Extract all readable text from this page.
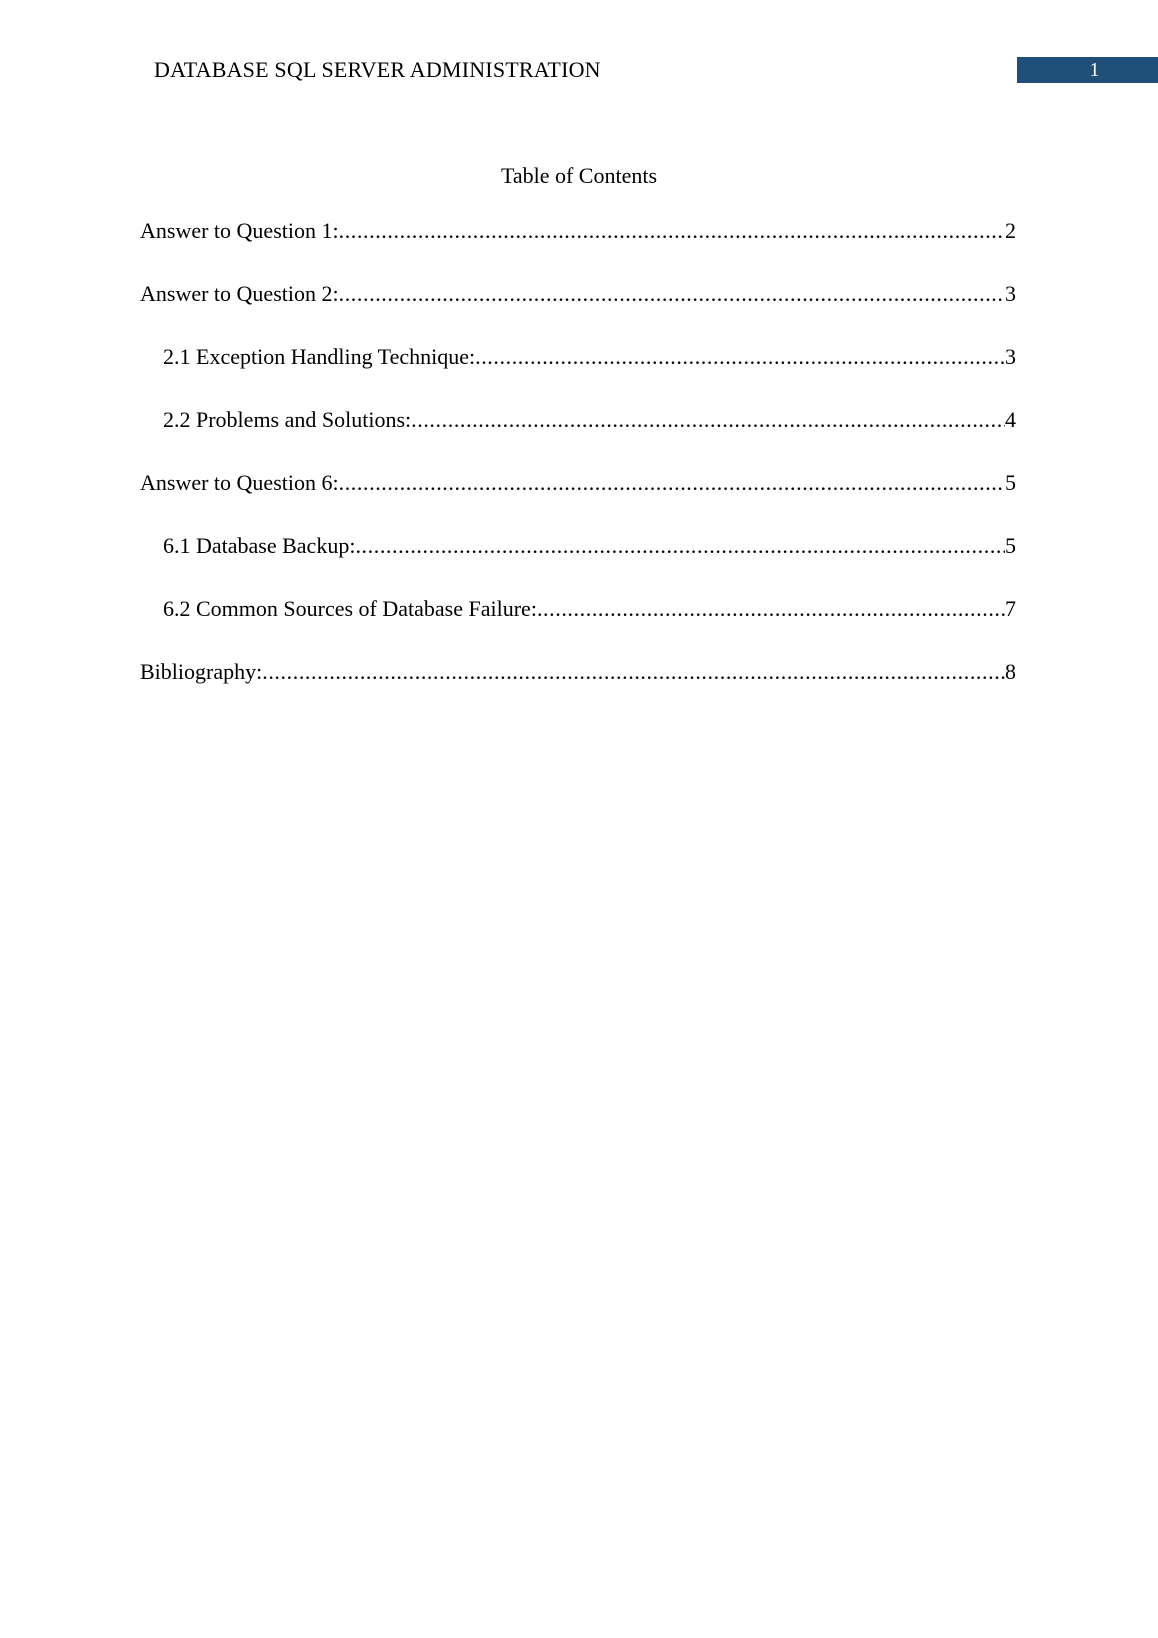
DATABASE SQL SERVER ADMINISTRATION	1
Table of Contents
Answer to Question 1: .....	2
Answer to Question 2: .....	3
2.1 Exception Handling Technique: .....	3
2.2 Problems and Solutions: .....	4
Answer to Question 6: .....	5
6.1 Database Backup: .....	5
6.2 Common Sources of Database Failure: .....	7
Bibliography: .....	8
